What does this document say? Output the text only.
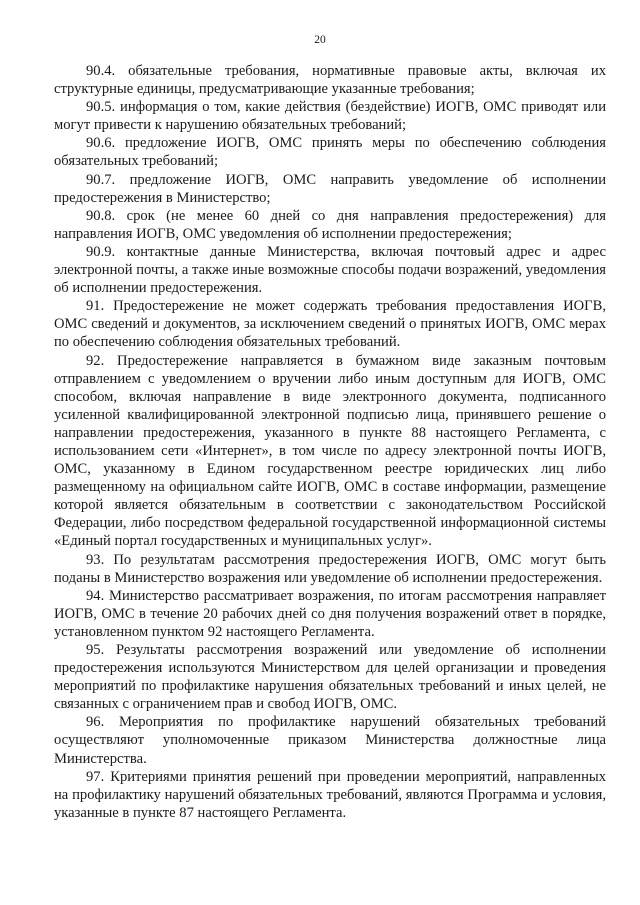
20

90.4. обязательные требования, нормативные правовые акты, включая их структурные единицы, предусматривающие указанные требования;

90.5. информация о том, какие действия (бездействие) ИОГВ, ОМС приводят или могут привести к нарушению обязательных требований;

90.6. предложение ИОГВ, ОМС принять меры по обеспечению соблюдения обязательных требований;

90.7. предложение ИОГВ, ОМС направить уведомление об исполнении предостережения в Министерство;

90.8. срок (не менее 60 дней со дня направления предостережения) для направления ИОГВ, ОМС уведомления об исполнении предостережения;

90.9. контактные данные Министерства, включая почтовый адрес и адрес электронной почты, а также иные возможные способы подачи возражений, уведомления об исполнении предостережения.

91. Предостережение не может содержать требования предоставления ИОГВ, ОМС сведений и документов, за исключением сведений о принятых ИОГВ, ОМС мерах по обеспечению соблюдения обязательных требований.

92. Предостережение направляется в бумажном виде заказным почтовым отправлением с уведомлением о вручении либо иным доступным для ИОГВ, ОМС способом, включая направление в виде электронного документа, подписанного усиленной квалифицированной электронной подписью лица, принявшего решение о направлении предостережения, указанного в пункте 88 настоящего Регламента, с использованием сети «Интернет», в том числе по адресу электронной почты ИОГВ, ОМС, указанному в Едином государственном реестре юридических лиц либо размещенному на официальном сайте ИОГВ, ОМС в составе информации, размещение которой является обязательным в соответствии с законодательством Российской Федерации, либо посредством федеральной государственной информационной системы «Единый портал государственных и муниципальных услуг».

93. По результатам рассмотрения предостережения ИОГВ, ОМС могут быть поданы в Министерство возражения или уведомление об исполнении предостережения.

94. Министерство рассматривает возражения, по итогам рассмотрения направляет ИОГВ, ОМС в течение 20 рабочих дней со дня получения возражений ответ в порядке, установленном пунктом 92 настоящего Регламента.

95. Результаты рассмотрения возражений или уведомление об исполнении предостережения используются Министерством для целей организации и проведения мероприятий по профилактике нарушения обязательных требований и иных целей, не связанных с ограничением прав и свобод ИОГВ, ОМС.

96. Мероприятия по профилактике нарушений обязательных требований осуществляют уполномоченные приказом Министерства должностные лица Министерства.

97. Критериями принятия решений при проведении мероприятий, направленных на профилактику нарушений обязательных требований, являются Программа и условия, указанные в пункте 87 настоящего Регламента.
